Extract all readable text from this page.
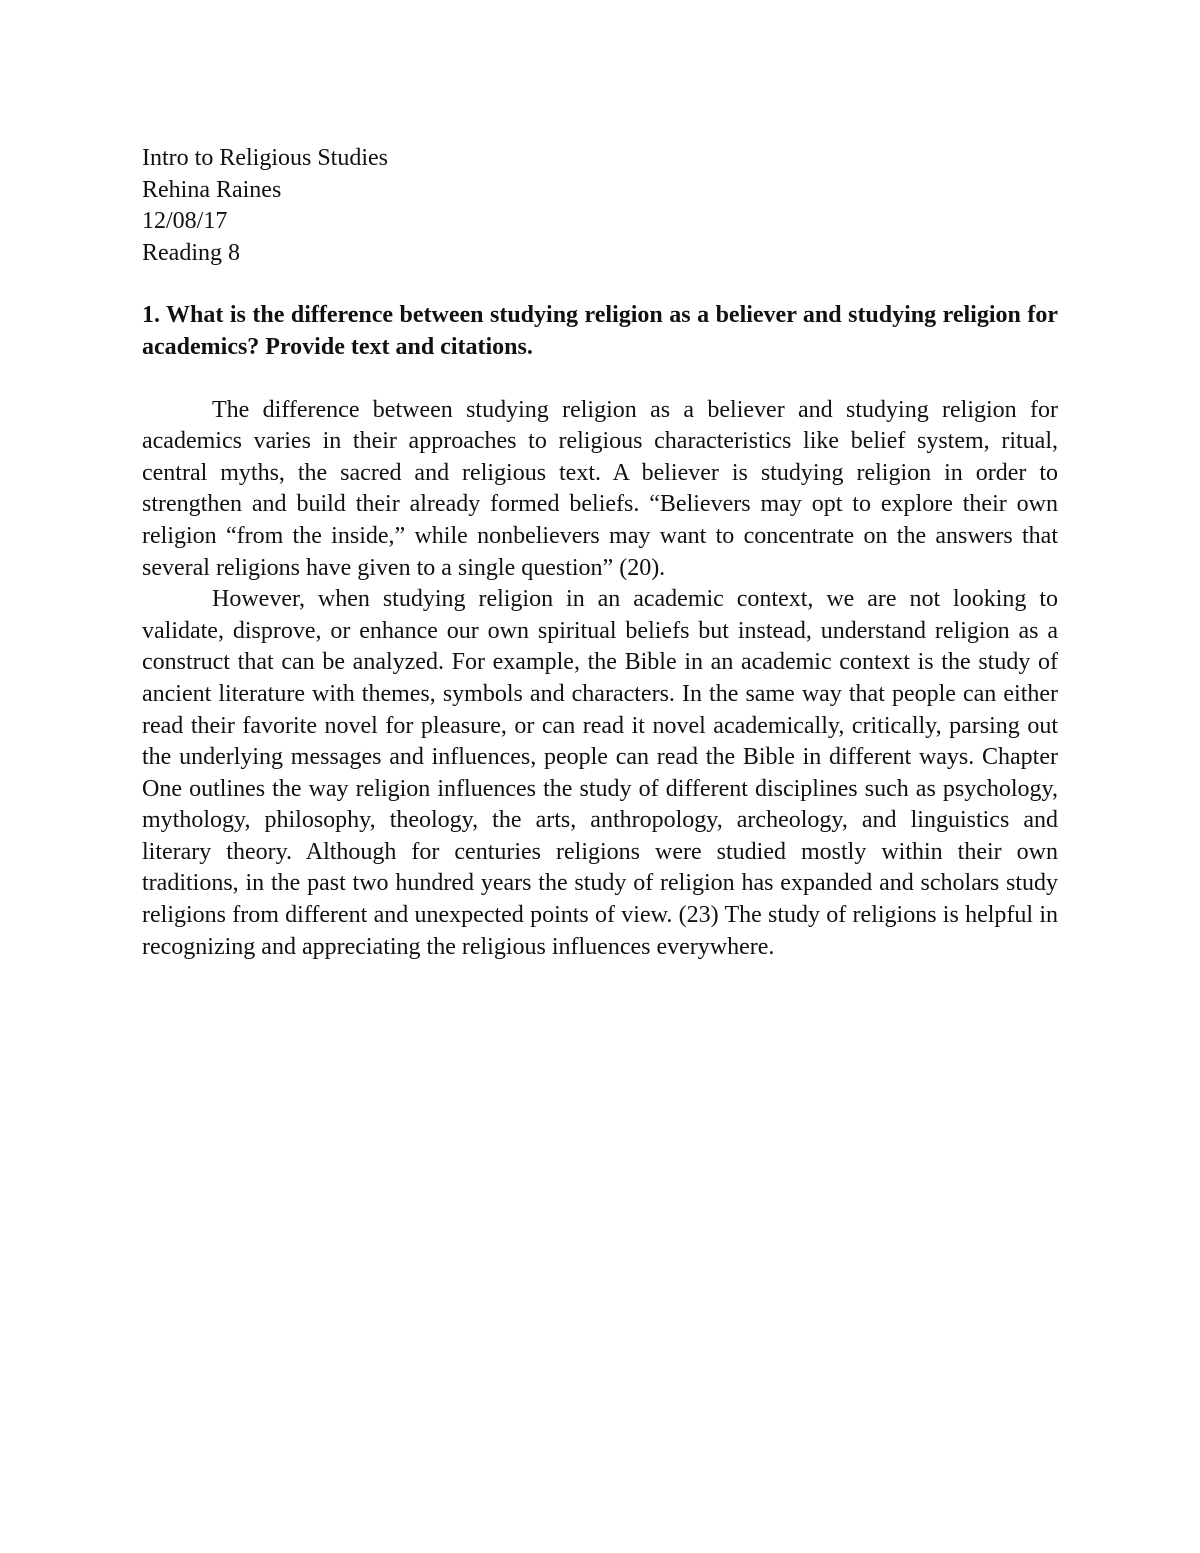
Intro to Religious Studies
Rehina Raines
12/08/17
Reading 8

1. What is the difference between studying religion as a believer and studying religion for academics? Provide text and citations.

The difference between studying religion as a believer and studying religion for academics varies in their approaches to religious characteristics like belief system, ritual, central myths, the sacred and religious text. A believer is studying religion in order to strengthen and build their already formed beliefs. “Believers may opt to explore their own religion “from the inside,” while nonbelievers may want to concentrate on the answers that several religions have given to a single question” (20).

However, when studying religion in an academic context, we are not looking to validate, disprove, or enhance our own spiritual beliefs but instead, understand religion as a construct that can be analyzed. For example, the Bible in an academic context is the study of ancient literature with themes, symbols and characters. In the same way that people can either read their favorite novel for pleasure, or can read it novel academically, critically, parsing out the underlying messages and influences, people can read the Bible in different ways. Chapter One outlines the way religion influences the study of different disciplines such as psychology, mythology, philosophy, theology, the arts, anthropology, archeology, and linguistics and literary theory. Although for centuries religions were studied mostly within their own traditions, in the past two hundred years the study of religion has expanded and scholars study religions from different and unexpected points of view. (23) The study of religions is helpful in recognizing and appreciating the religious influences everywhere.
